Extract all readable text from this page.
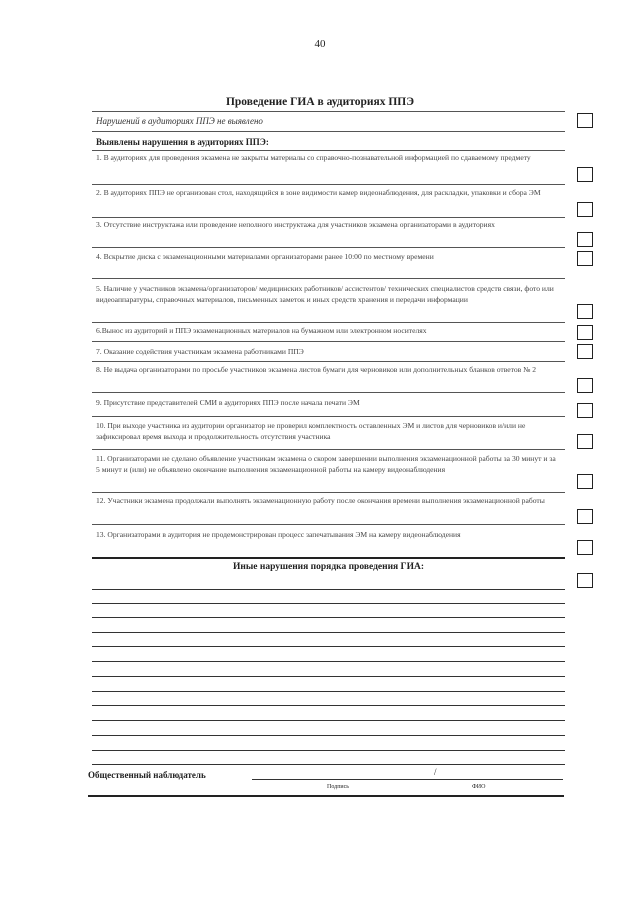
40
Проведение ГИА в аудиториях ППЭ
Нарушений в аудиториях ППЭ не выявлено
Выявлены нарушения в аудиториях ППЭ:
1. В аудиториях для проведения экзамена не закрыты материалы со справочно-познавательной информацией по сдаваемому предмету
2. В аудиториях ППЭ не организован стол, находящийся в зоне видимости камер видеонаблюдения, для раскладки, упаковки и сбора ЭМ
3. Отсутствие инструктажа или проведение неполного инструктажа для участников экзамена организаторами в аудиториях
4. Вскрытие диска с экзаменационными материалами организаторами ранее 10:00 по местному времени
5. Наличие у участников экзамена/организаторов/ медицинских работников/ ассистентов/ технических специалистов средств связи, фото или видеоаппаратуры, справочных материалов, письменных заметок и иных средств хранения и передачи информации
6.Вынос из аудиторий и ППЭ экзаменационных материалов на бумажном или электронном носителях
7. Оказание содействия участникам экзамена работниками ППЭ
8. Не выдача организаторами по просьбе участников экзамена листов бумаги для черновиков или дополнительных бланков ответов № 2
9. Присутствие представителей СМИ в аудиториях ППЭ после начала печати ЭМ
10. При выходе участника из аудитории организатор не проверил комплектность оставленных ЭМ и листов для черновиков и/или не зафиксировал время выхода и продолжительность отсутствия участника
11. Организаторами не сделано объявление участникам экзамена о скором завершении выполнения экзаменационной работы за 30 минут и за 5 минут и (или) не объявлено окончание выполнения экзаменационной работы на камеру видеонаблюдения
12. Участники экзамена продолжали выполнять экзаменационную работу после окончания времени выполнения экзаменационной работы
13. Организаторами в аудитория не продемонстрирован процесс запечатывания ЭМ на камеру видеонаблюдения
Иные нарушения порядка проведения ГИА:
Общественный наблюдатель	/
Подпись	ФИО
